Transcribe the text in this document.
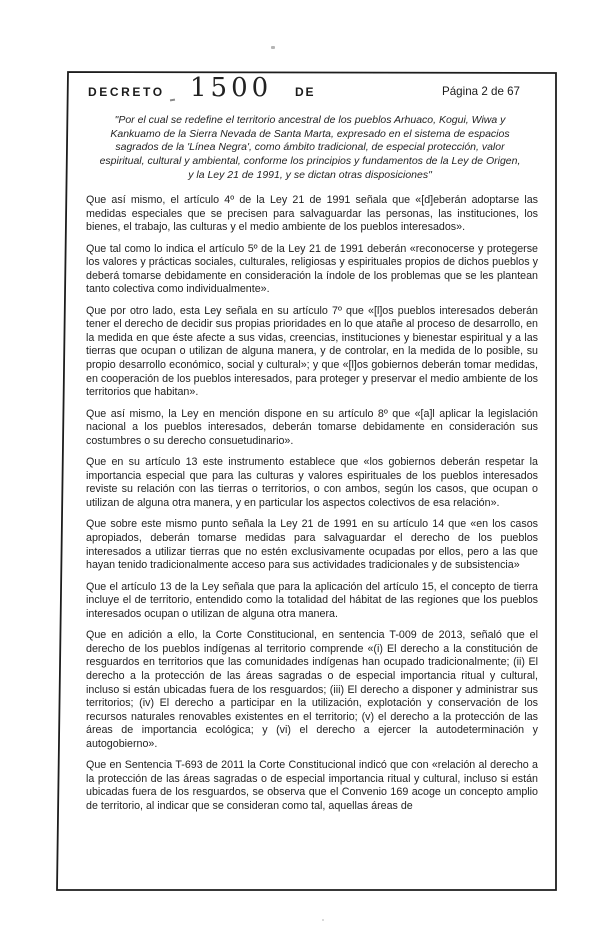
DECRETO 1500 DE	Página 2 de 67
"Por el cual se redefine el territorio ancestral de los pueblos Arhuaco, Kogui, Wiwa y
Kankuamo de la Sierra Nevada de Santa Marta, expresado en el sistema de espacios
sagrados de la 'Línea Negra', como ámbito tradicional, de especial protección, valor
espiritual, cultural y ambiental, conforme los principios y fundamentos de la Ley de Origen,
y la Ley 21 de 1991, y se dictan otras disposiciones"

Que así mismo, el artículo 4º de la Ley 21 de 1991 señala que «[d]eberán adoptarse las medidas especiales que se precisen para salvaguardar las personas, las instituciones, los bienes, el trabajo, las culturas y el medio ambiente de los pueblos interesados».

Que tal como lo indica el artículo 5º de la Ley 21 de 1991 deberán «reconocerse y protegerse los valores y prácticas sociales, culturales, religiosas y espirituales propios de dichos pueblos y deberá tomarse debidamente en consideración la índole de los problemas que se les plantean tanto colectiva como individualmente».

Que por otro lado, esta Ley señala en su artículo 7º que «[l]os pueblos interesados deberán tener el derecho de decidir sus propias prioridades en lo que atañe al proceso de desarrollo, en la medida en que éste afecte a sus vidas, creencias, instituciones y bienestar espiritual y a las tierras que ocupan o utilizan de alguna manera, y de controlar, en la medida de lo posible, su propio desarrollo económico, social y cultural»; y que «[l]os gobiernos deberán tomar medidas, en cooperación de los pueblos interesados, para proteger y preservar el medio ambiente de los territorios que habitan».

Que así mismo, la Ley en mención dispone en su artículo 8º que «[a]l aplicar la legislación nacional a los pueblos interesados, deberán tomarse debidamente en consideración sus costumbres o su derecho consuetudinario».

Que en su artículo 13 este instrumento establece que «los gobiernos deberán respetar la importancia especial que para las culturas y valores espirituales de los pueblos interesados reviste su relación con las tierras o territorios, o con ambos, según los casos, que ocupan o utilizan de alguna otra manera, y en particular los aspectos colectivos de esa relación».

Que sobre este mismo punto señala la Ley 21 de 1991 en su artículo 14 que «en los casos apropiados, deberán tomarse medidas para salvaguardar el derecho de los pueblos interesados a utilizar tierras que no estén exclusivamente ocupadas por ellos, pero a las que hayan tenido tradicionalmente acceso para sus actividades tradicionales y de subsistencia»

Que el artículo 13 de la Ley señala que para la aplicación del artículo 15, el concepto de tierra incluye el de territorio, entendido como la totalidad del hábitat de las regiones que los pueblos interesados ocupan o utilizan de alguna otra manera.

Que en adición a ello, la Corte Constitucional, en sentencia T-009 de 2013, señaló que el derecho de los pueblos indígenas al territorio comprende «(i) El derecho a la constitución de resguardos en territorios que las comunidades indígenas han ocupado tradicionalmente; (ii) El derecho a la protección de las áreas sagradas o de especial importancia ritual y cultural, incluso si están ubicadas fuera de los resguardos; (iii) El derecho a disponer y administrar sus territorios; (iv) El derecho a participar en la utilización, explotación y conservación de los recursos naturales renovables existentes en el territorio; (v) el derecho a la protección de las áreas de importancia ecológica; y (vi) el derecho a ejercer la autodeterminación y autogobierno».

Que en Sentencia T-693 de 2011 la Corte Constitucional indicó que con «relación al derecho a la protección de las áreas sagradas o de especial importancia ritual y cultural, incluso si están ubicadas fuera de los resguardos, se observa que el Convenio 169 acoge un concepto amplio de territorio, al indicar que se consideran como tal, aquellas áreas de
